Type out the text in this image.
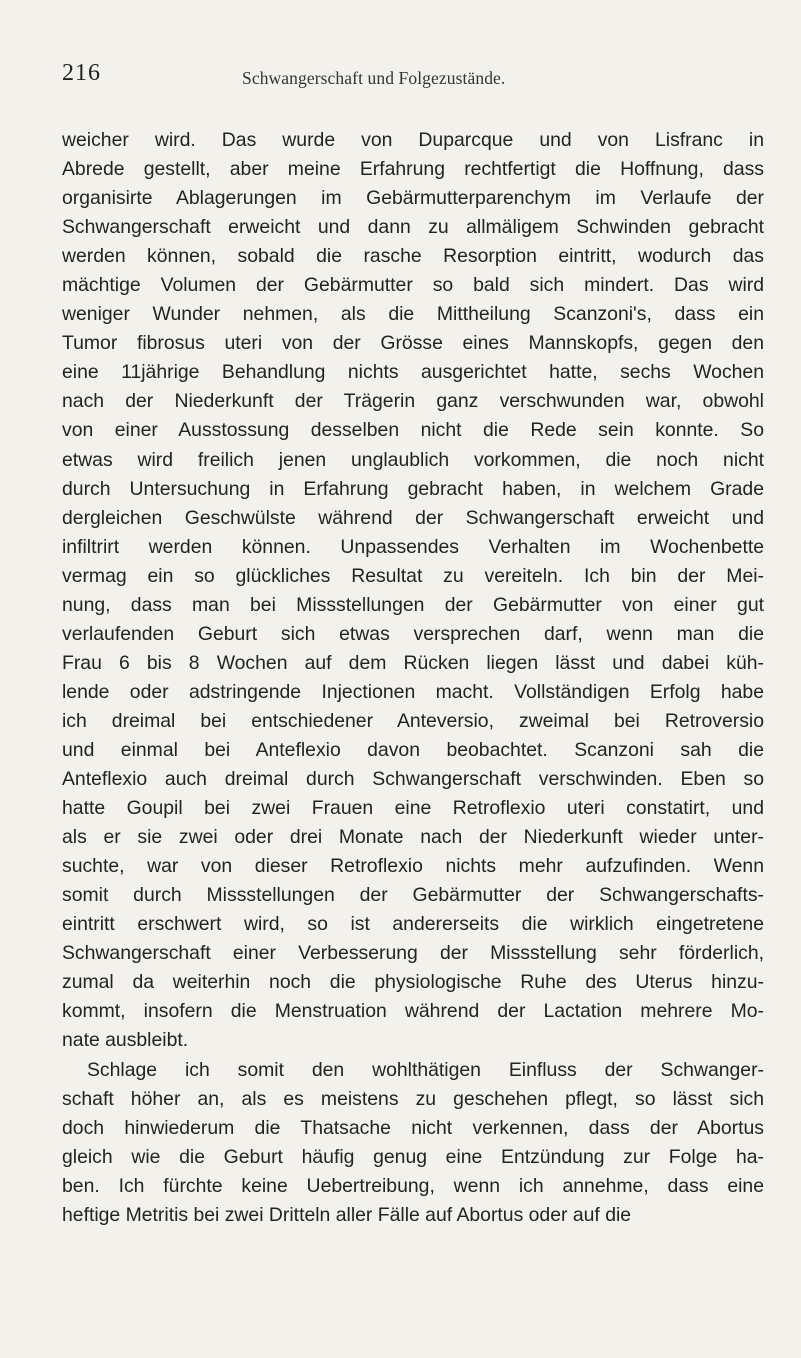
216	Schwangerschaft und Folgezustände.
weicher wird. Das wurde von Duparcque und von Lisfranc in
Abrede gestellt, aber meine Erfahrung rechtfertigt die Hoffnung, dass
organisirte Ablagerungen im Gebärmutterparenchym im Verlaufe der
Schwangerschaft erweicht und dann zu allmäligem Schwinden gebracht
werden können, sobald die rasche Resorption eintritt, wodurch das
mächtige Volumen der Gebärmutter so bald sich mindert. Das wird
weniger Wunder nehmen, als die Mittheilung Scanzoni's, dass ein
Tumor fibrosus uteri von der Grösse eines Mannskopfs, gegen den
eine 11jährige Behandlung nichts ausgerichtet hatte, sechs Wochen
nach der Niederkunft der Trägerin ganz verschwunden war, obwohl
von einer Ausstossung desselben nicht die Rede sein konnte. So
etwas wird freilich jenen unglaublich vorkommen, die noch nicht
durch Untersuchung in Erfahrung gebracht haben, in welchem Grade
dergleichen Geschwülste während der Schwangerschaft erweicht und
infiltrirt werden können. Unpassendes Verhalten im Wochenbette
vermag ein so glückliches Resultat zu vereiteln. Ich bin der Mei-
nung, dass man bei Missstellungen der Gebärmutter von einer gut
verlaufenden Geburt sich etwas versprechen darf, wenn man die
Frau 6 bis 8 Wochen auf dem Rücken liegen lässt und dabei küh-
lende oder adstringende Injectionen macht. Vollständigen Erfolg habe
ich dreimal bei entschiedener Anteversio, zweimal bei Retroversio
und einmal bei Anteflexio davon beobachtet. Scanzoni sah die
Anteflexio auch dreimal durch Schwangerschaft verschwinden. Eben so
hatte Goupil bei zwei Frauen eine Retroflexio uteri constatirt, und
als er sie zwei oder drei Monate nach der Niederkunft wieder unter-
suchte, war von dieser Retroflexio nichts mehr aufzufinden. Wenn
somit durch Missstellungen der Gebärmutter der Schwangerschafts-
eintritt erschwert wird, so ist andererseits die wirklich eingetretene
Schwangerschaft einer Verbesserung der Missstellung sehr förderlich,
zumal da weiterhin noch die physiologische Ruhe des Uterus hinzu-
kommt, insofern die Menstruation während der Lactation mehrere Mo-
nate ausbleibt.
Schlage ich somit den wohlthätigen Einfluss der Schwanger-
schaft höher an, als es meistens zu geschehen pflegt, so lässt sich
doch hinwiederum die Thatsache nicht verkennen, dass der Abortus
gleich wie die Geburt häufig genug eine Entzündung zur Folge ha-
ben. Ich fürchte keine Uebertreibung, wenn ich annehme, dass eine
heftige Metritis bei zwei Dritteln aller Fälle auf Abortus oder auf die
